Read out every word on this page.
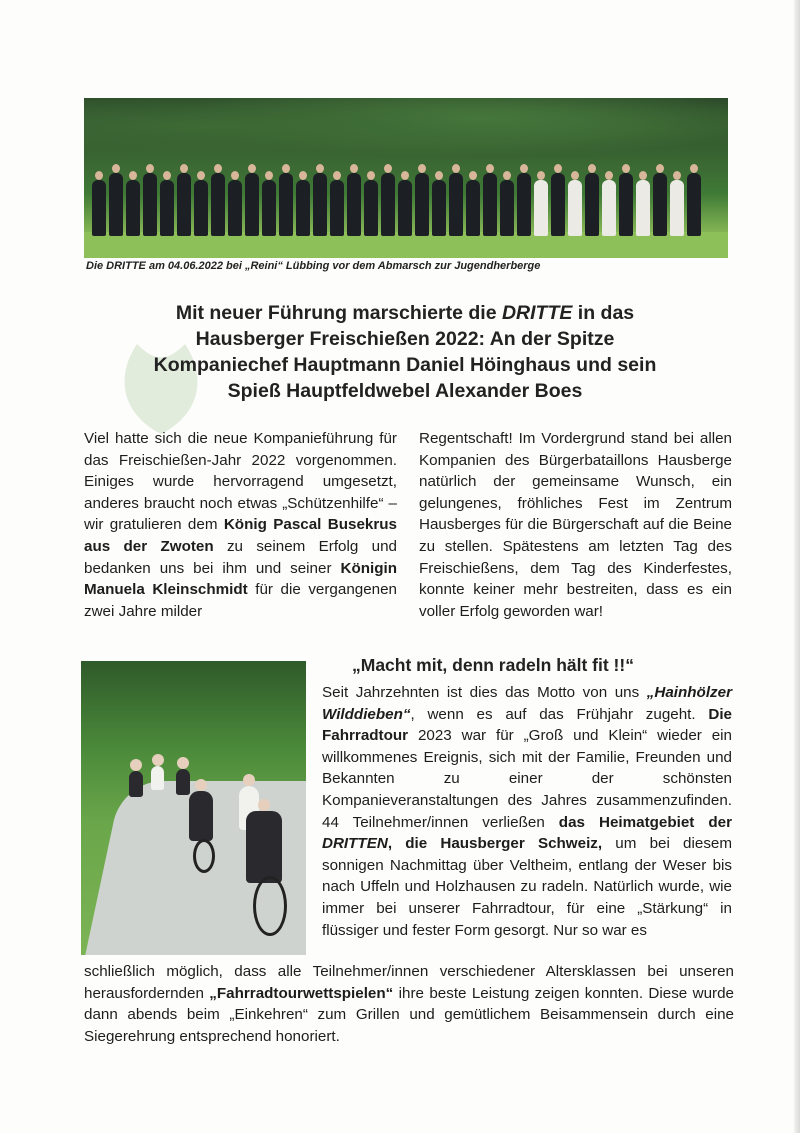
Die DRITTE am 04.06.2022 bei „Reini“ Lübbing vor dem Abmarsch zur Jugendherberge
Mit neuer Führung marschierte die DRITTE in das
Hausberger Freischießen 2022: An der Spitze
Kompaniechef Hauptmann Daniel Höinghaus und sein
Spieß Hauptfeldwebel Alexander Boes
Viel hatte sich die neue Kompanieführung für das Freischießen-Jahr 2022 vorgenommen. Einiges wurde hervorragend umgesetzt, anderes braucht noch etwas „Schützenhilfe“ – wir gratulieren dem König Pascal Busekrus aus der Zwoten zu seinem Erfolg und bedanken uns bei ihm und seiner Königin Manuela Kleinschmidt für die vergangenen zwei Jahre milder
Regentschaft! Im Vordergrund stand bei allen Kompanien des Bürgerbataillons Hausberge natürlich der gemeinsame Wunsch, ein gelungenes, fröhliches Fest im Zentrum Hausberges für die Bürgerschaft auf die Beine zu stellen. Spätestens am letzten Tag des Freischießens, dem Tag des Kinderfestes, konnte keiner mehr bestreiten, dass es ein voller Erfolg geworden war!
„Macht mit, denn radeln hält fit !!“
Seit Jahrzehnten ist dies das Motto von uns „Hainhölzer Wilddieben“, wenn es auf das Frühjahr zugeht. Die Fahrradtour 2023 war für „Groß und Klein“ wieder ein willkommenes Ereignis, sich mit der Familie, Freunden und Bekannten zu einer der schönsten Kompanieveranstaltungen des Jahres zusammenzufinden. 44 Teilnehmer/innen verließen das Heimatgebiet der DRITTEN, die Hausberger Schweiz, um bei diesem sonnigen Nachmittag über Veltheim, entlang der Weser bis nach Uffeln und Holzhausen zu radeln. Natürlich wurde, wie immer bei unserer Fahrradtour, für eine „Stärkung“ in flüssiger und fester Form gesorgt. Nur so war es
schließlich möglich, dass alle Teilnehmer/innen verschiedener Altersklassen bei unseren herausfordernden „Fahrradtourwettspielen“ ihre beste Leistung zeigen konnten. Diese wurde dann abends beim „Einkehren“ zum Grillen und gemütlichem Beisammensein durch eine Siegerehrung entsprechend honoriert.
